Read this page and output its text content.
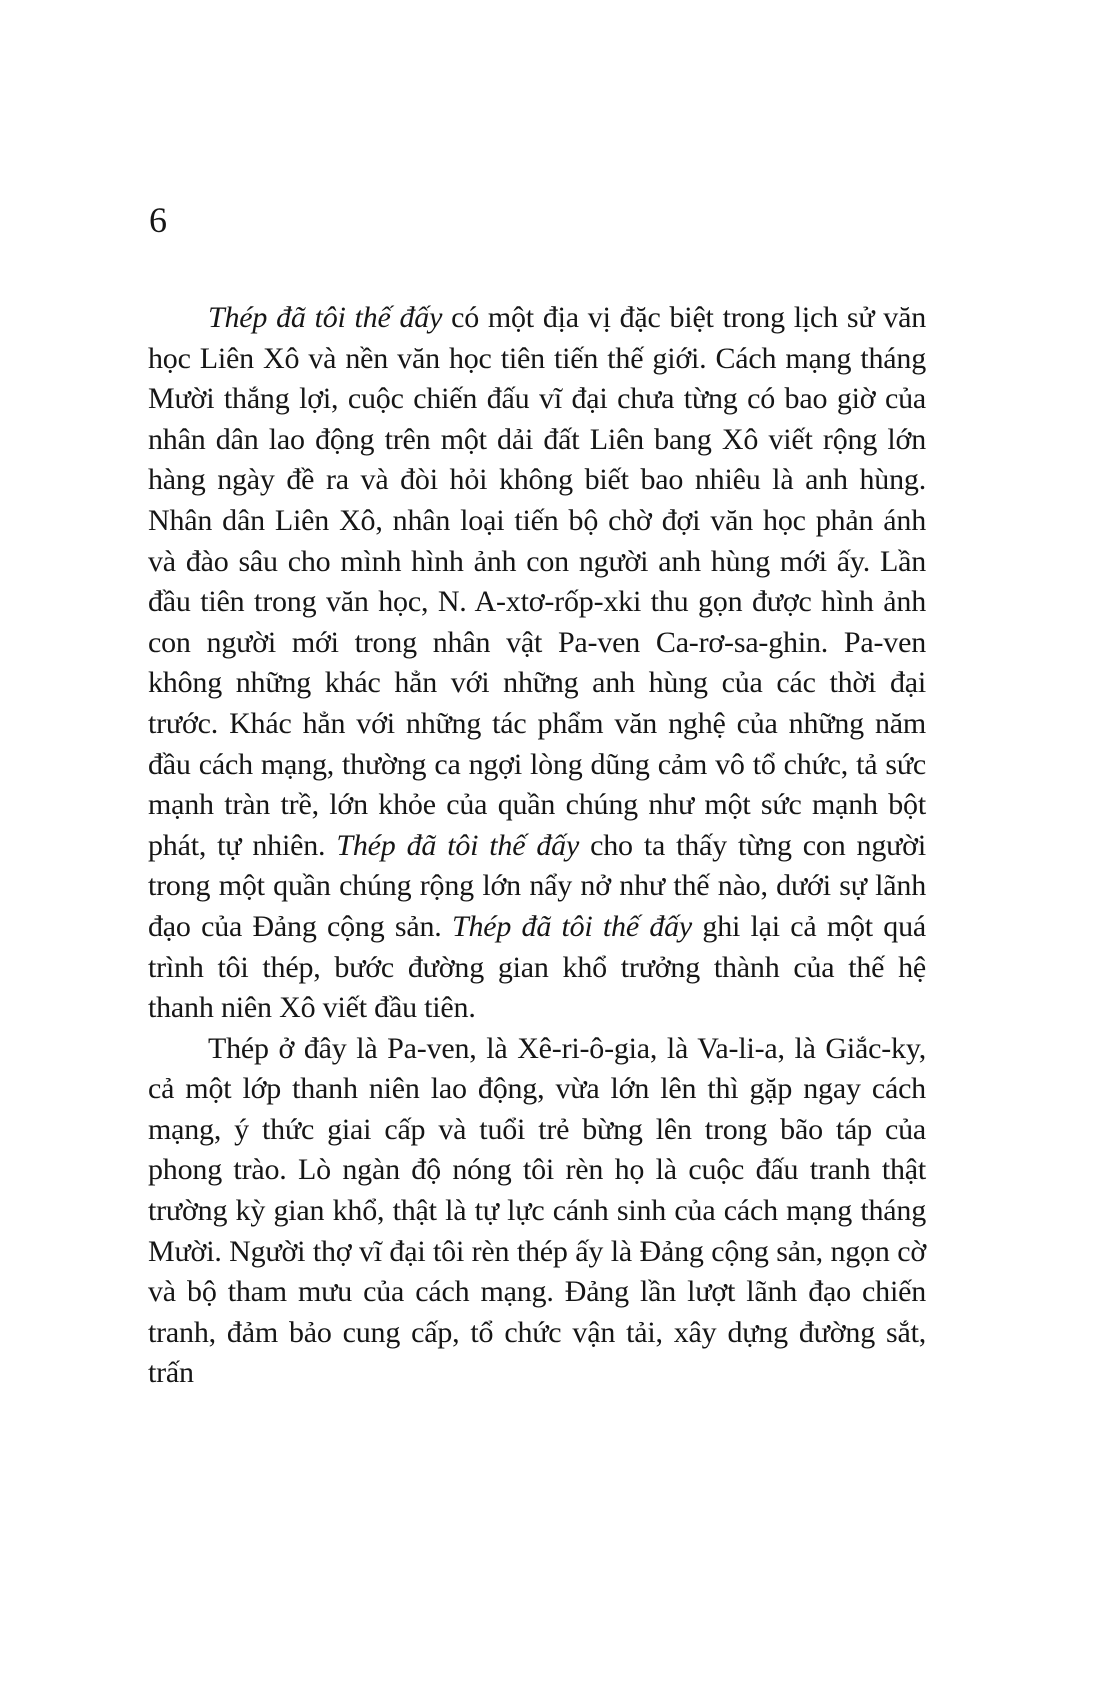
6

Thép đã tôi thế đấy có một địa vị đặc biệt trong lịch sử văn học Liên Xô và nền văn học tiên tiến thế giới. Cách mạng tháng Mười thắng lợi, cuộc chiến đấu vĩ đại chưa từng có bao giờ của nhân dân lao động trên một dải đất Liên bang Xô viết rộng lớn hàng ngày đề ra và đòi hỏi không biết bao nhiêu là anh hùng. Nhân dân Liên Xô, nhân loại tiến bộ chờ đợi văn học phản ánh và đào sâu cho mình hình ảnh con người anh hùng mới ấy. Lần đầu tiên trong văn học, N. A-xtơ-rốp-xki thu gọn được hình ảnh con người mới trong nhân vật Pa-ven Ca-rơ-sa-ghin. Pa-ven không những khác hẳn với những anh hùng của các thời đại trước. Khác hẳn với những tác phẩm văn nghệ của những năm đầu cách mạng, thường ca ngợi lòng dũng cảm vô tổ chức, tả sức mạnh tràn trề, lớn khỏe của quần chúng như một sức mạnh bột phát, tự nhiên. Thép đã tôi thế đấy cho ta thấy từng con người trong một quần chúng rộng lớn nẩy nở như thế nào, dưới sự lãnh đạo của Đảng cộng sản. Thép đã tôi thế đấy ghi lại cả một quá trình tôi thép, bước đường gian khổ trưởng thành của thế hệ thanh niên Xô viết đầu tiên.

Thép ở đây là Pa-ven, là Xê-ri-ô-gia, là Va-li-a, là Giắc-ky, cả một lớp thanh niên lao động, vừa lớn lên thì gặp ngay cách mạng, ý thức giai cấp và tuổi trẻ bừng lên trong bão táp của phong trào. Lò ngàn độ nóng tôi rèn họ là cuộc đấu tranh thật trường kỳ gian khổ, thật là tự lực cánh sinh của cách mạng tháng Mười. Người thợ vĩ đại tôi rèn thép ấy là Đảng cộng sản, ngọn cờ và bộ tham mưu của cách mạng. Đảng lần lượt lãnh đạo chiến tranh, đảm bảo cung cấp, tổ chức vận tải, xây dựng đường sắt, trấn
